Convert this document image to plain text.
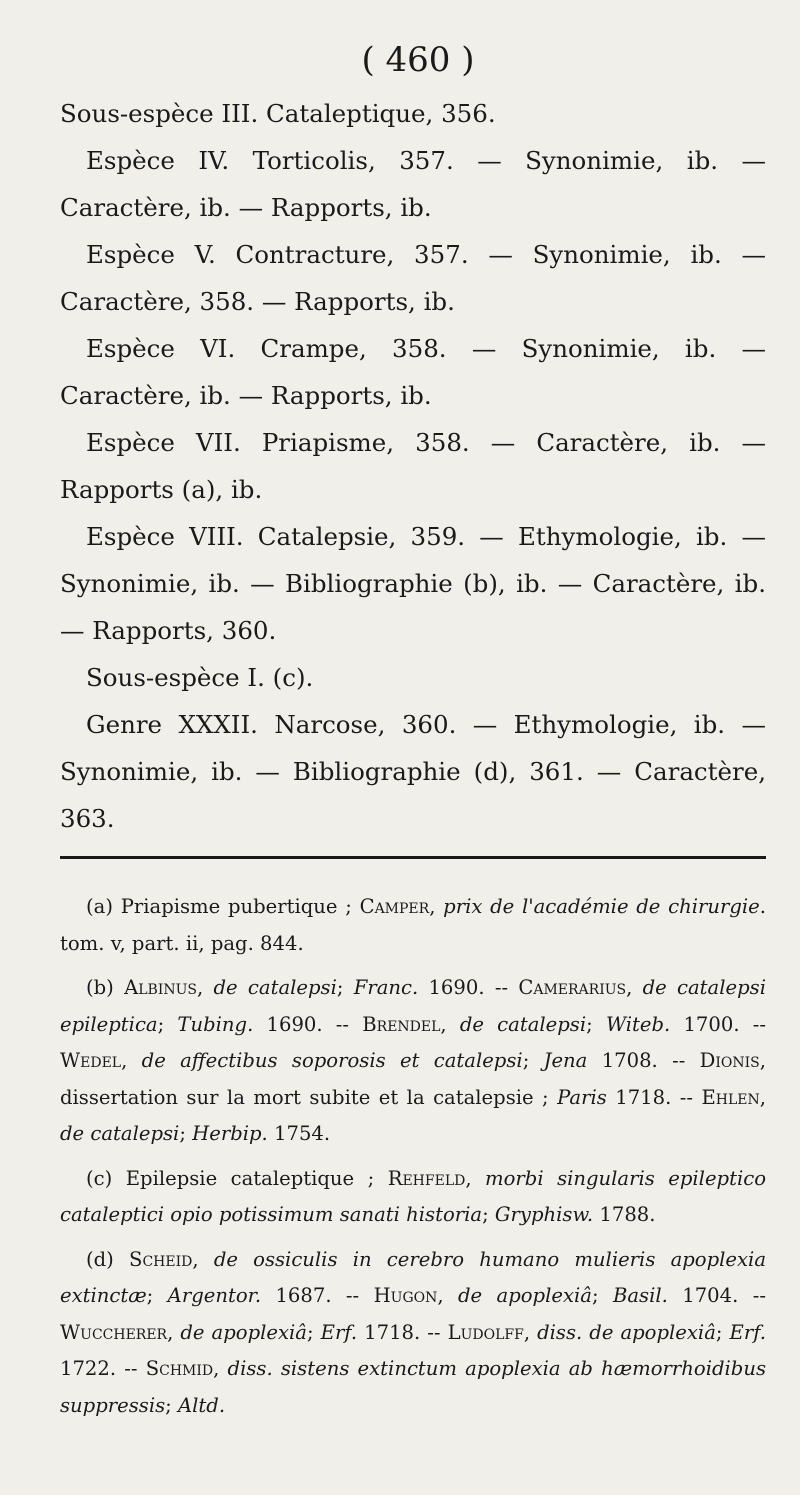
( 460 )

Sous-espèce III. Cataleptique, 356.

Espèce IV. Torticolis, 357. — Synonimie, ib. — Caractère, ib. — Rapports, ib.

Espèce V. Contracture, 357. — Synonimie, ib. — Caractère, 358. — Rapports, ib.

Espèce VI. Crampe, 358. — Synonimie, ib. — Caractère, ib. — Rapports, ib.

Espèce VII. Priapisme, 358. — Caractère, ib. — Rapports (a), ib.

Espèce VIII. Catalepsie, 359. — Ethymologie, ib. — Synonimie, ib. — Bibliographie (b), ib. — Caractère, ib. — Rapports, 360.

Sous-espèce I. (c).

Genre XXXII. Narcose, 360. — Ethymologie, ib. — Synonimie, ib. — Bibliographie (d), 361. — Caractère, 363.

(a) Priapisme pubertique ; Camper, prix de l'académie de chirurgie. tom. v, part. ii, pag. 844.

(b) Albinus, de catalepsi; Franc. 1690. -- Camerarius, de catalepsi epileptica; Tubing. 1690. -- Brendel, de catalepsi; Witeb. 1700. -- Wedel, de affectibus soporosis et catalepsi; Jena 1708. -- Dionis, dissertation sur la mort subite et la catalepsie ; Paris 1718. -- Ehlen, de catalepsi; Herbip. 1754.

(c) Epilepsie cataleptique ; Rehfeld, morbi singularis epileptico cataleptici opio potissimum sanati historia; Gryphisw. 1788.

(d) Scheid, de ossiculis in cerebro humano mulieris apoplexia extinctæ; Argentor. 1687. -- Hugon, de apoplexiâ; Basil. 1704. -- Wuccherer, de apoplexiâ; Erf. 1718. -- Ludolff, diss. de apoplexiâ; Erf. 1722. -- Schmid, diss. sistens extinctum apoplexia ab hæmorrhoidibus suppressis; Altd.
